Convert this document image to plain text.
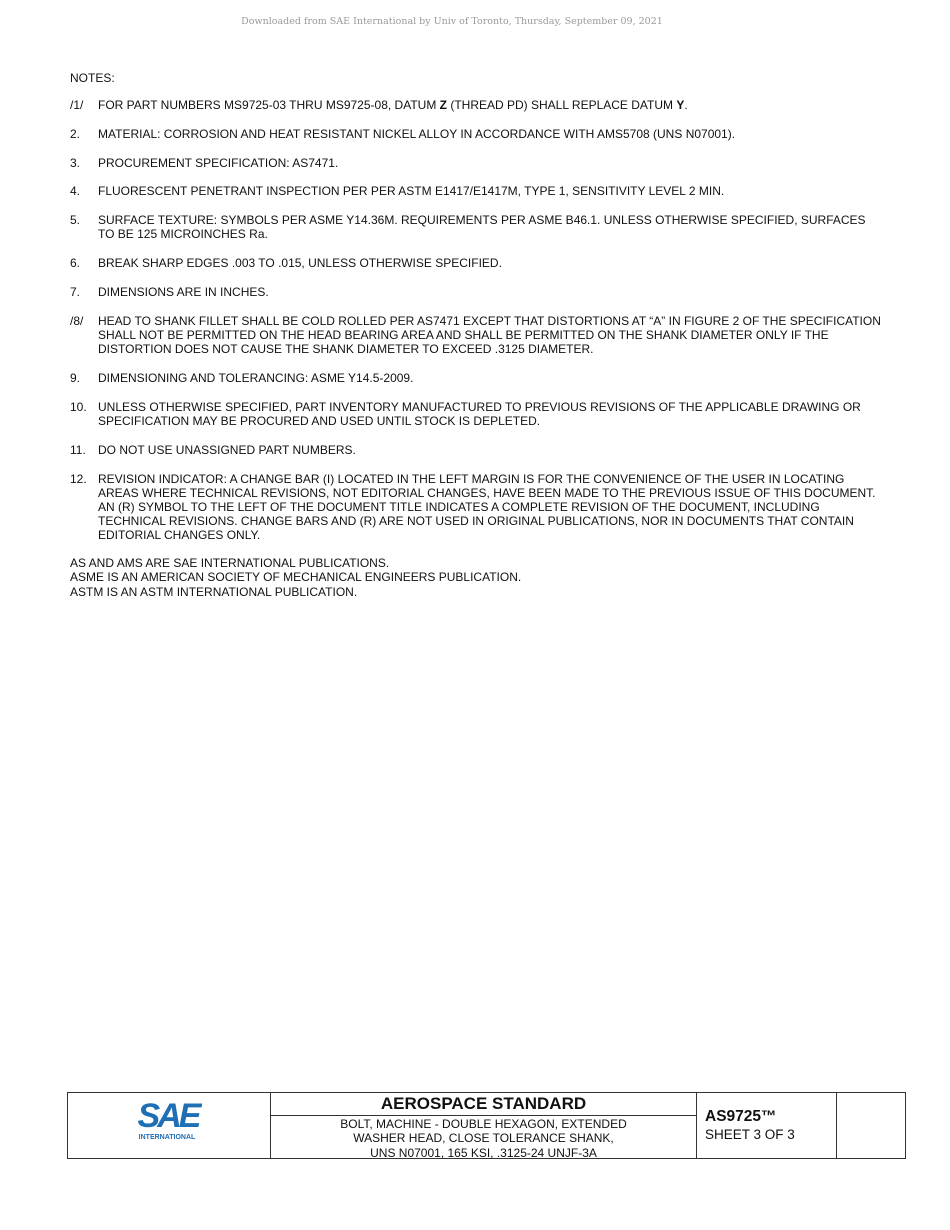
Downloaded from SAE International by Univ of Toronto, Thursday, September 09, 2021
NOTES:
/1/	FOR PART NUMBERS MS9725-03 THRU MS9725-08, DATUM Z (THREAD PD) SHALL REPLACE DATUM Y.
2.	MATERIAL: CORROSION AND HEAT RESISTANT NICKEL ALLOY IN ACCORDANCE WITH AMS5708 (UNS N07001).
3.	PROCUREMENT SPECIFICATION: AS7471.
4.	FLUORESCENT PENETRANT INSPECTION PER PER ASTM E1417/E1417M, TYPE 1, SENSITIVITY LEVEL 2 MIN.
5.	SURFACE TEXTURE: SYMBOLS PER ASME Y14.36M. REQUIREMENTS PER ASME B46.1. UNLESS OTHERWISE SPECIFIED, SURFACES TO BE 125 MICROINCHES Ra.
6.	BREAK SHARP EDGES .003 TO .015, UNLESS OTHERWISE SPECIFIED.
7.	DIMENSIONS ARE IN INCHES.
/8/	HEAD TO SHANK FILLET SHALL BE COLD ROLLED PER AS7471 EXCEPT THAT DISTORTIONS AT “A” IN FIGURE 2 OF THE SPECIFICATION SHALL NOT BE PERMITTED ON THE HEAD BEARING AREA AND SHALL BE PERMITTED ON THE SHANK DIAMETER ONLY IF THE DISTORTION DOES NOT CAUSE THE SHANK DIAMETER TO EXCEED .3125 DIAMETER.
9.	DIMENSIONING AND TOLERANCING: ASME Y14.5-2009.
10. UNLESS OTHERWISE SPECIFIED, PART INVENTORY MANUFACTURED TO PREVIOUS REVISIONS OF THE APPLICABLE DRAWING OR SPECIFICATION MAY BE PROCURED AND USED UNTIL STOCK IS DEPLETED.
11.	DO NOT USE UNASSIGNED PART NUMBERS.
12. REVISION INDICATOR: A CHANGE BAR (I) LOCATED IN THE LEFT MARGIN IS FOR THE CONVENIENCE OF THE USER IN LOCATING AREAS WHERE TECHNICAL REVISIONS, NOT EDITORIAL CHANGES, HAVE BEEN MADE TO THE PREVIOUS ISSUE OF THIS DOCUMENT. AN (R) SYMBOL TO THE LEFT OF THE DOCUMENT TITLE INDICATES A COMPLETE REVISION OF THE DOCUMENT, INCLUDING TECHNICAL REVISIONS. CHANGE BARS AND (R) ARE NOT USED IN ORIGINAL PUBLICATIONS, NOR IN DOCUMENTS THAT CONTAIN EDITORIAL CHANGES ONLY.
AS AND AMS ARE SAE INTERNATIONAL PUBLICATIONS.
ASME IS AN AMERICAN SOCIETY OF MECHANICAL ENGINEERS PUBLICATION.
ASTM IS AN ASTM INTERNATIONAL PUBLICATION.
SAE
INTERNATIONAL
AEROSPACE STANDARD
BOLT, MACHINE - DOUBLE HEXAGON, EXTENDED
WASHER HEAD, CLOSE TOLERANCE SHANK,
UNS N07001, 165 KSI, .3125-24 UNJF-3A
AS9725™
SHEET 3 OF 3
